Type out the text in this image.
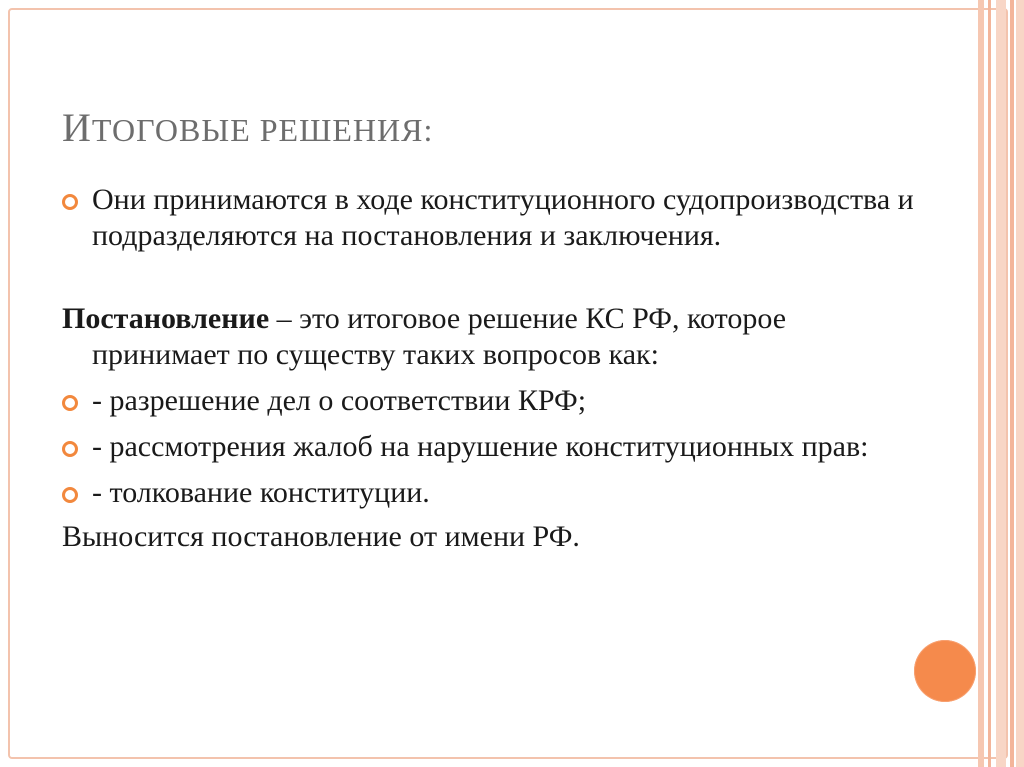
ИТОГОВЫЕ РЕШЕНИЯ:
Они принимаются в ходе конституционного судопроизводства и подразделяются на постановления и заключения.
Постановление – это итоговое решение КС РФ, которое принимает по существу таких вопросов как:
- разрешение дел о соответствии КРФ;
- рассмотрения жалоб на нарушение конституционных прав:
- толкование конституции.
Выносится постановление от имени РФ.
